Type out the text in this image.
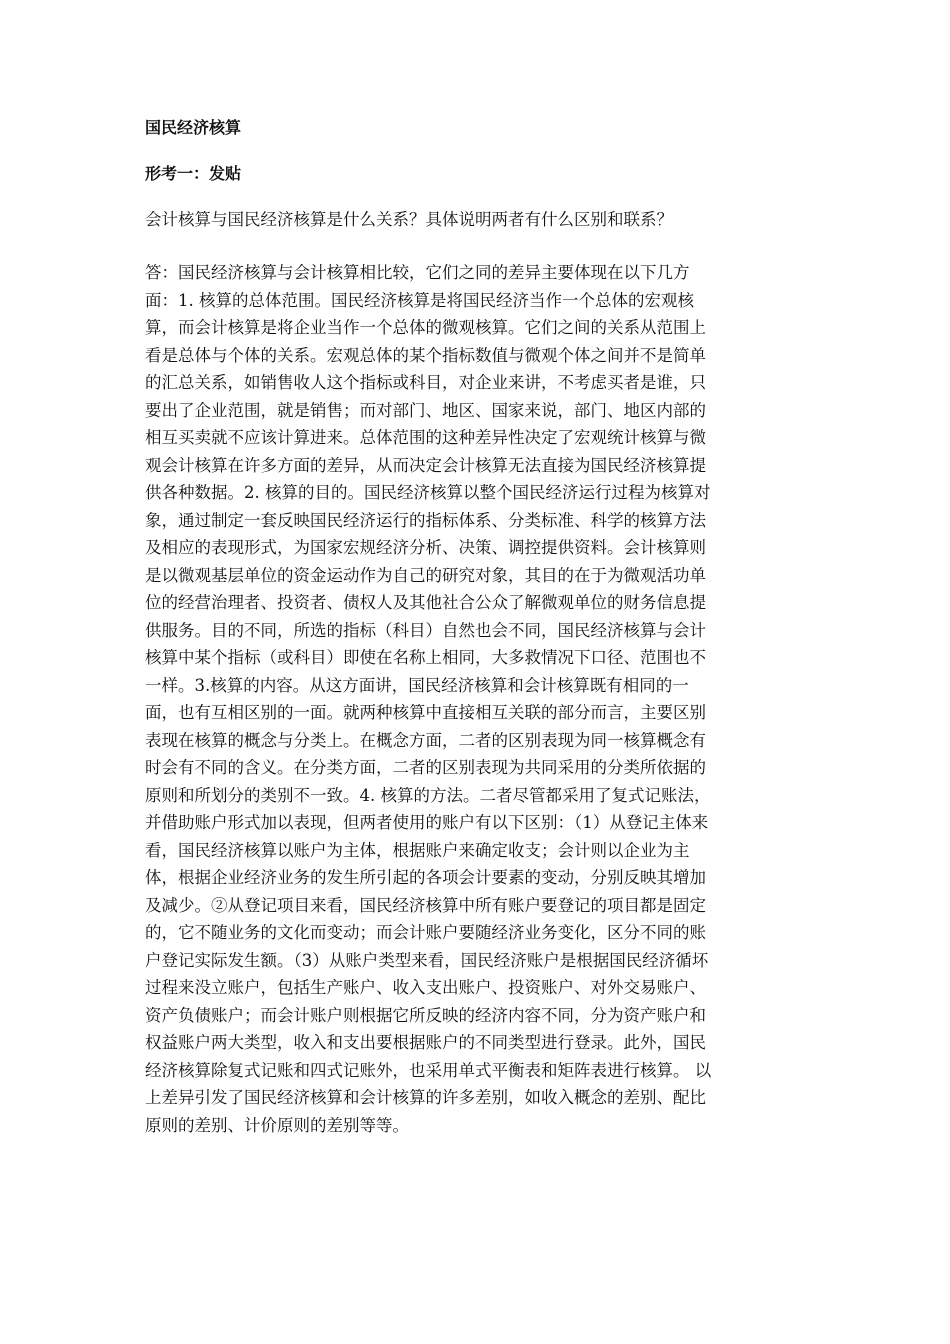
国民经济核算
形考一：发贴
会计核算与国民经济核算是什么关系？具体说明两者有什么区别和联系？
答：国民经济核算与会计核算相比较，它们之同的差异主要体现在以下几方
面：1. 核算的总体范围。国民经济核算是将国民经济当作一个总体的宏观核
算，而会计核算是将企业当作一个总体的微观核算。它们之间的关系从范围上
看是总体与个体的关系。宏观总体的某个指标数值与微观个体之间并不是简单
的汇总关系，如销售收人这个指标或科目，对企业来讲，不考虑买者是谁，只
要出了企业范围，就是销售；而对部门、地区、国家来说，部门、地区内部的
相互买卖就不应该计算进来。总体范围的这种差异性决定了宏观统计核算与微
观会计核算在许多方面的差异，从而决定会计核算无法直接为国民经济核算提
供各种数据。2. 核算的目的。国民经济核算以整个国民经济运行过程为核算对
象，通过制定一套反映国民经济运行的指标体系、分类标准、科学的核算方法
及相应的表现形式，为国家宏规经济分析、决策、调控提供资料。会计核算则
是以微观基层单位的资金运动作为自己的研究对象，其目的在于为微观活功单
位的经营治理者、投资者、债权人及其他社合公众了解微观单位的财务信息提
供服务。目的不同，所选的指标（科目）自然也会不同，国民经济核算与会计
核算中某个指标（或科目）即使在名称上相同，大多救情况下口径、范围也不
一样。3.核算的内容。从这方面讲，国民经济核算和会计核算既有相同的一
面，也有互相区别的一面。就两种核算中直接相互关联的部分而言，主要区别
表现在核算的概念与分类上。在概念方面，二者的区别表现为同一核算概念有
时会有不同的含义。在分类方面，二者的区别表现为共同采用的分类所依据的
原则和所划分的类别不一致。4. 核算的方法。二者尽管都采用了复式记账法，
并借助账户形式加以表现，但两者使用的账户有以下区别：（1）从登记主体来
看，国民经济核算以账户为主体，根据账户来确定收支；会计则以企业为主
体，根据企业经济业务的发生所引起的各项会计要素的变动，分别反映其增加
及减少。②从登记项目来看，国民经济核算中所有账户要登记的项目都是固定
的，它不随业务的文化而变动；而会计账户要随经济业务变化，区分不同的账
户登记实际发生额。（3）从账户类型来看，国民经济账户是根据国民经济循坏
过程来没立账户，包括生产账户、收入支出账户、投资账户、对外交易账户、
资产负债账户；而会计账户则根据它所反映的经济内容不同，分为资产账户和
权益账户两大类型，收入和支出要根据账户的不同类型进行登录。此外，国民
经济核算除复式记账和四式记账外，也采用单式平衡表和矩阵表进行核算。 以
上差异引发了国民经济核算和会计核算的许多差别，如收入概念的差别、配比
原则的差别、计价原则的差别等等。
